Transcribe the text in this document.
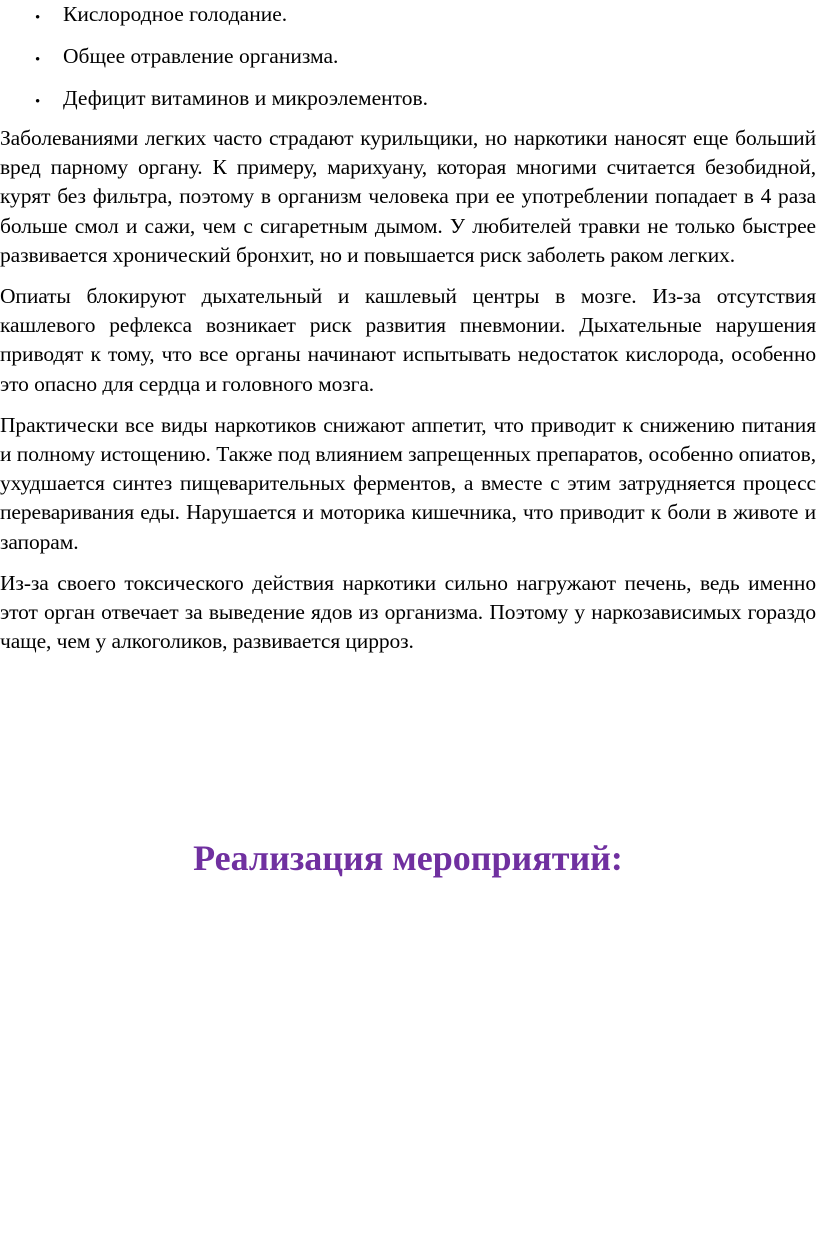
• Кислородное голодание.
• Общее отравление организма.
• Дефицит витаминов и микроэлементов.

Заболеваниями легких часто страдают курильщики, но наркотики наносят еще больший вред парному органу. К примеру, марихуану, которая многими считается безобидной, курят без фильтра, поэтому в организм человека при ее употреблении попадает в 4 раза больше смол и сажи, чем с сигаретным дымом. У любителей травки не только быстрее развивается хронический бронхит, но и повышается риск заболеть раком легких.

Опиаты блокируют дыхательный и кашлевый центры в мозге. Из-за отсутствия кашлевого рефлекса возникает риск развития пневмонии. Дыхательные нарушения приводят к тому, что все органы начинают испытывать недостаток кислорода, особенно это опасно для сердца и головного мозга.

Практически все виды наркотиков снижают аппетит, что приводит к снижению питания и полному истощению. Также под влиянием запрещенных препаратов, особенно опиатов, ухудшается синтез пищеварительных ферментов, а вместе с этим затрудняется процесс переваривания еды. Нарушается и моторика кишечника, что приводит к боли в животе и запорам.

Из-за своего токсического действия наркотики сильно нагружают печень, ведь именно этот орган отвечает за выведение ядов из организма. Поэтому у наркозависимых гораздо чаще, чем у алкоголиков, развивается цирроз.

Реализация мероприятий:
